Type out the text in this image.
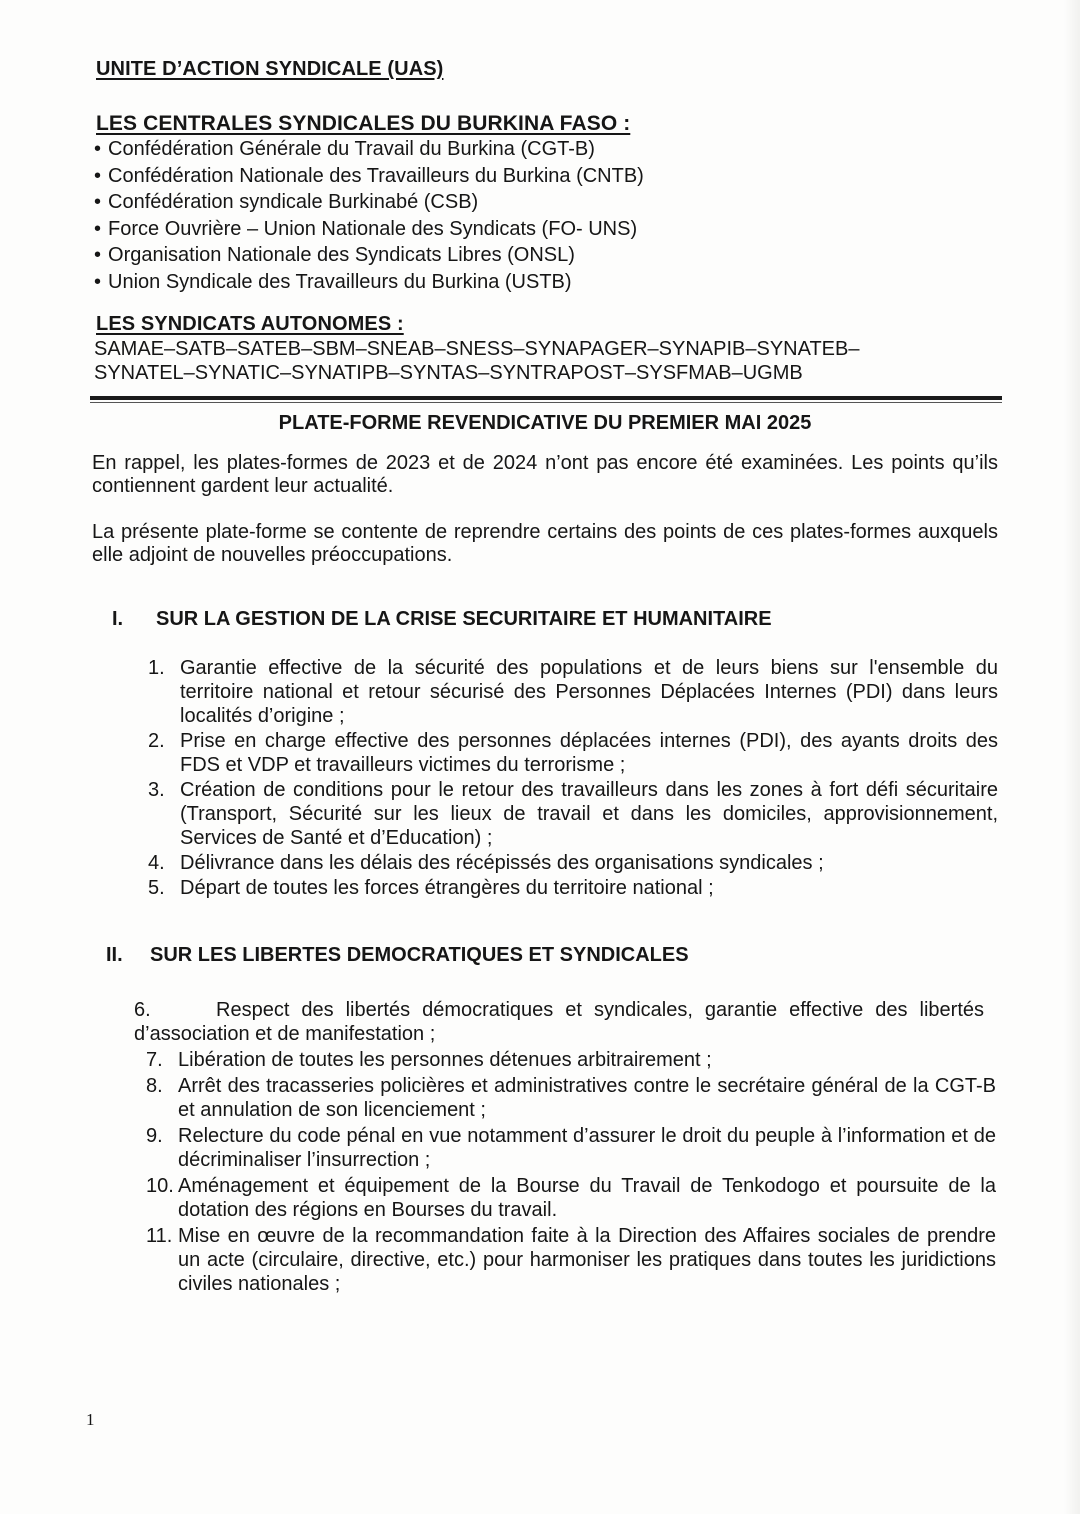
UNITE D’ACTION SYNDICALE (UAS)
LES CENTRALES SYNDICALES DU BURKINA FASO :
• Confédération Générale du Travail du Burkina (CGT-B)
• Confédération Nationale des Travailleurs du Burkina (CNTB)
• Confédération syndicale Burkinabé (CSB)
• Force Ouvrière – Union Nationale des Syndicats (FO- UNS)
• Organisation Nationale des Syndicats Libres (ONSL)
• Union Syndicale des Travailleurs du Burkina (USTB)
LES SYNDICATS AUTONOMES :
SAMAE–SATB–SATEB–SBM–SNEAB–SNESS–SYNAPAGER–SYNAPIB–SYNATEB–
SYNATEL–SYNATIC–SYNATIPB–SYNTAS–SYNTRAPOST–SYSFMAB–UGMB
PLATE-FORME REVENDICATIVE DU PREMIER MAI 2025

En rappel, les plates-formes de 2023 et de 2024 n’ont pas encore été examinées. Les points qu’ils contiennent gardent leur actualité.

La présente plate-forme se contente de reprendre certains des points de ces plates-formes auxquels elle adjoint de nouvelles préoccupations.

I. SUR LA GESTION DE LA CRISE SECURITAIRE ET HUMANITAIRE
1. Garantie effective de la sécurité des populations et de leurs biens sur l'ensemble du territoire national et retour sécurisé des Personnes Déplacées Internes (PDI) dans leurs localités d’origine ;
2. Prise en charge effective des personnes déplacées internes (PDI), des ayants droits des FDS et VDP et travailleurs victimes du terrorisme ;
3. Création de conditions pour le retour des travailleurs dans les zones à fort défi sécuritaire (Transport, Sécurité sur les lieux de travail et dans les domiciles, approvisionnement, Services de Santé et d’Education) ;
4. Délivrance dans les délais des récépissés des organisations syndicales ;
5. Départ de toutes les forces étrangères du territoire national ;
II. SUR LES LIBERTES DEMOCRATIQUES ET SYNDICALES
6.	Respect des libertés démocratiques et syndicales, garantie effective des libertés d’association et de manifestation ;
7. Libération de toutes les personnes détenues arbitrairement ;
8. Arrêt des tracasseries policières et administratives contre le secrétaire général de la CGT-B et annulation de son licenciement ;
9. Relecture du code pénal en vue notamment d’assurer le droit du peuple à l’information et de décriminaliser l’insurrection ;
10. Aménagement et équipement de la Bourse du Travail de Tenkodogo et poursuite de la dotation des régions en Bourses du travail.
11. Mise en œuvre de la recommandation faite à la Direction des Affaires sociales de prendre un acte (circulaire, directive, etc.) pour harmoniser les pratiques dans toutes les juridictions civiles nationales ;
1
